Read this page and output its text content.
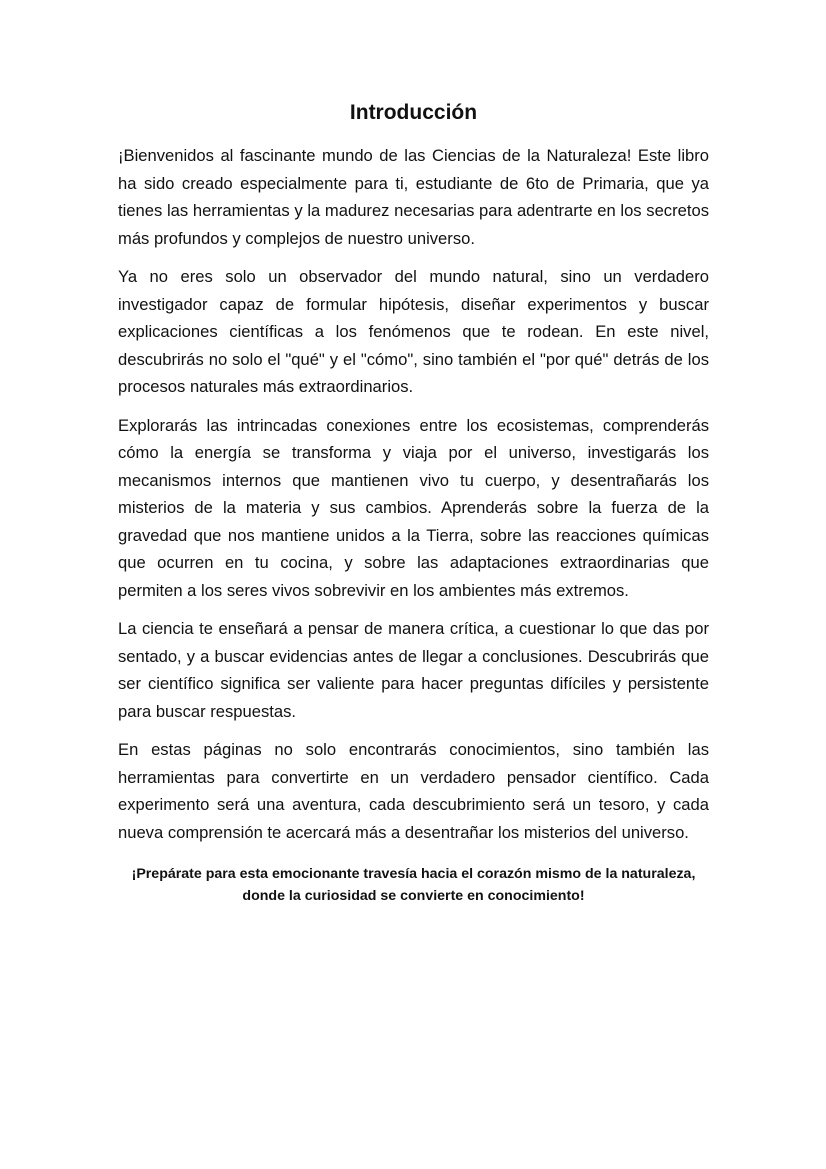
Introducción

¡Bienvenidos al fascinante mundo de las Ciencias de la Naturaleza! Este libro ha sido creado especialmente para ti, estudiante de 6to de Primaria, que ya tienes las herramientas y la madurez necesarias para adentrarte en los secretos más profundos y complejos de nuestro universo.

Ya no eres solo un observador del mundo natural, sino un verdadero investigador capaz de formular hipótesis, diseñar experimentos y buscar explicaciones científicas a los fenómenos que te rodean. En este nivel, descubrirás no solo el "qué" y el "cómo", sino también el "por qué" detrás de los procesos naturales más extraordinarios.

Explorarás las intrincadas conexiones entre los ecosistemas, comprenderás cómo la energía se transforma y viaja por el universo, investigarás los mecanismos internos que mantienen vivo tu cuerpo, y desentrañarás los misterios de la materia y sus cambios. Aprenderás sobre la fuerza de la gravedad que nos mantiene unidos a la Tierra, sobre las reacciones químicas que ocurren en tu cocina, y sobre las adaptaciones extraordinarias que permiten a los seres vivos sobrevivir en los ambientes más extremos.

La ciencia te enseñará a pensar de manera crítica, a cuestionar lo que das por sentado, y a buscar evidencias antes de llegar a conclusiones. Descubrirás que ser científico significa ser valiente para hacer preguntas difíciles y persistente para buscar respuestas.

En estas páginas no solo encontrarás conocimientos, sino también las herramientas para convertirte en un verdadero pensador científico. Cada experimento será una aventura, cada descubrimiento será un tesoro, y cada nueva comprensión te acercará más a desentrañar los misterios del universo.

¡Prepárate para esta emocionante travesía hacia el corazón mismo de la naturaleza,
donde la curiosidad se convierte en conocimiento!
